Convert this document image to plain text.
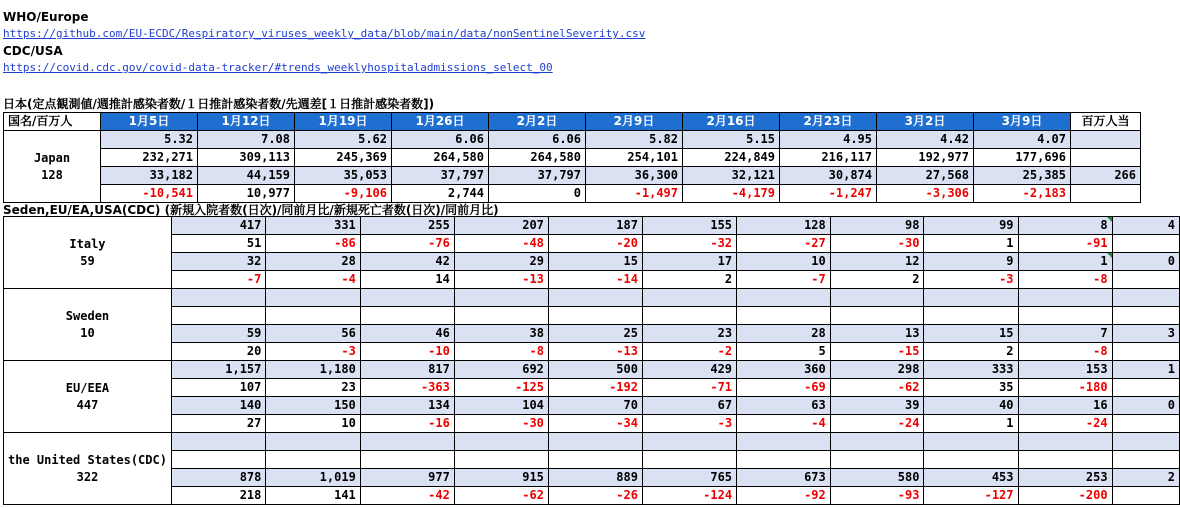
WHO/Europe
https://github.com/EU-ECDC/Respiratory_viruses_weekly_data/blob/main/data/nonSentinelSeverity.csv
CDC/USA
https://covid.cdc.gov/covid-data-tracker/#trends_weeklyhospitaladmissions_select_00
日本(定点観測値/週推計感染者数/１日推計感染者数/先週差[１日推計感染者数])
国名/百万人	1月5日	1月12日	1月19日	1月26日	2月2日	2月9日	2月16日	2月23日	3月2日	3月9日	百万人当

Japan
128	5.32	7.08	5.62	6.06	6.06	5.82	5.15	4.95	4.42	4.07	
	232,271	309,113	245,369	264,580	264,580	254,101	224,849	216,117	192,977	177,696	
	33,182	44,159	35,053	37,797	37,797	36,300	32,121	30,874	27,568	25,385	266
	-10,541	10,977	-9,106	2,744	0	-1,497	-4,179	-1,247	-3,306	-2,183	
Seden,EU/EA,USA(CDC) (新規入院者数(日次)/同前月比/新規死亡者数(日次)/同前月比)
Italy
59	417	331	255	207	187	155	128	98	99	8	4
	51	-86	-76	-48	-20	-32	-27	-30	1	-91	
	32	28	42	29	15	17	10	12	9	1	0
	-7	-4	14	-13	-14	2	-7	2	-3	-8	

Sweden
10											

	59	56	46	38	25	23	28	13	15	7	3
	20	-3	-10	-8	-13	-2	5	-15	2	-8	

EU/EEA
447	1,157	1,180	817	692	500	429	360	298	333	153	1
	107	23	-363	-125	-192	-71	-69	-62	35	-180	
	140	150	134	104	70	67	63	39	40	16	0
	27	10	-16	-30	-34	-3	-4	-24	1	-24	

the United States(CDC)
322											

	878	1,019	977	915	889	765	673	580	453	253	2
	218	141	-42	-62	-26	-124	-92	-93	-127	-200	
